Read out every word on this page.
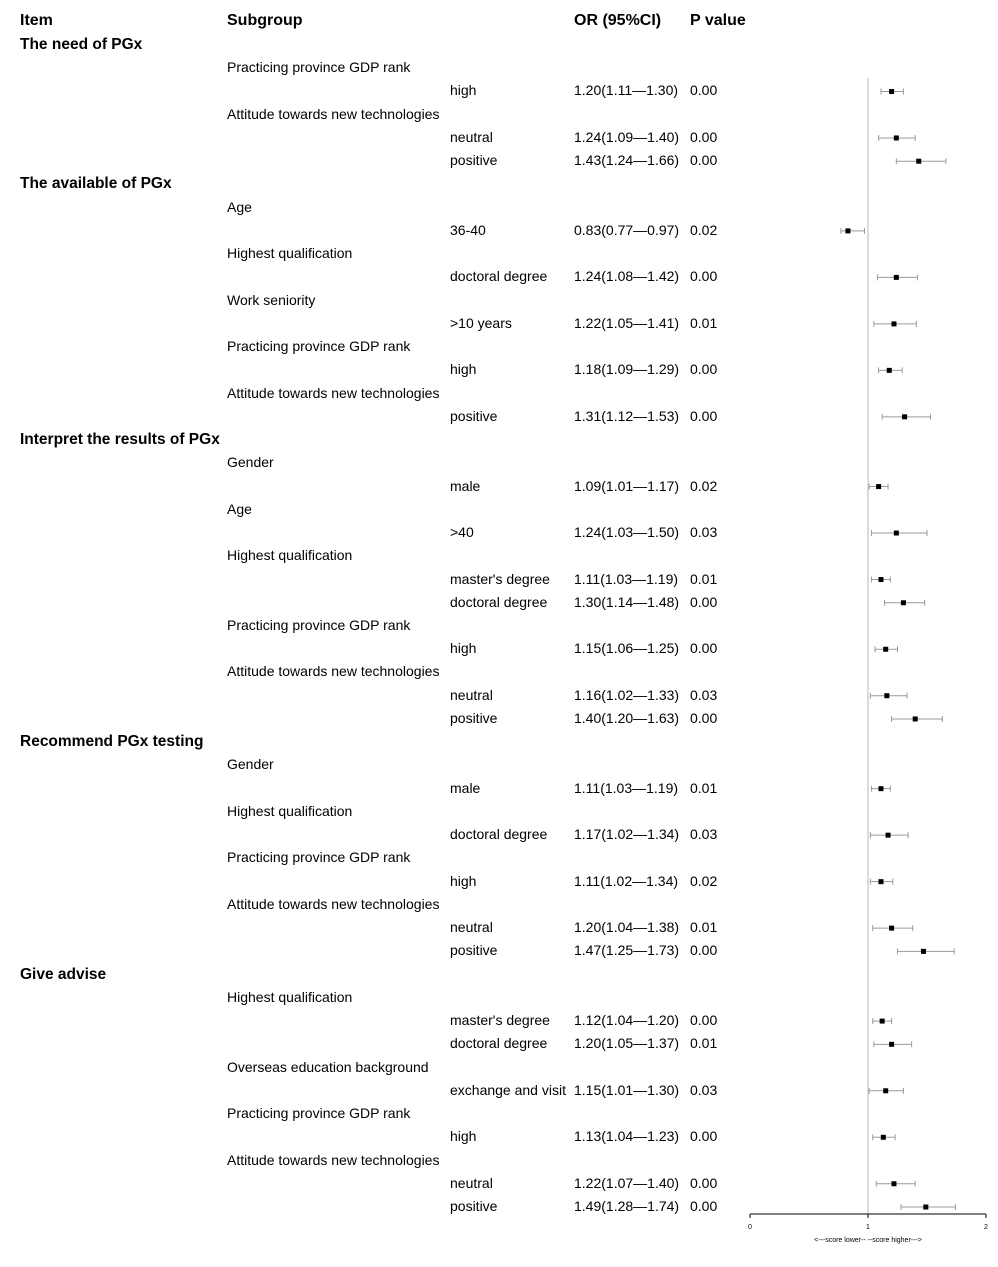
Item	Subgroup	OR (95%CI) P value
The need of PGx
Practicing province GDP rank
high	1.20(1.11—1.30) 0.00
Attitude towards new technologies
neutral	1.24(1.09—1.40) 0.00
positive	1.43(1.24—1.66) 0.00
The available of PGx
Age
36-40	0.83(0.77—0.97) 0.02
Highest qualification
doctoral degree 1.24(1.08—1.42) 0.00
Work seniority
>10 years	1.22(1.05—1.41) 0.01
Practicing province GDP rank
high	1.18(1.09—1.29) 0.00
Attitude towards new technologies
positive	1.31(1.12—1.53) 0.00
Interpret the results of PGx
Gender
male	1.09(1.01—1.17) 0.02
Age
>40	1.24(1.03—1.50) 0.03
Highest qualification
master's degree 1.11(1.03—1.19) 0.01
doctoral degree 1.30(1.14—1.48) 0.00
Practicing province GDP rank
high	1.15(1.06—1.25) 0.00
Attitude towards new technologies
neutral	1.16(1.02—1.33) 0.03
positive	1.40(1.20—1.63) 0.00
Recommend PGx testing
Gender
male	1.11(1.03—1.19) 0.01
Highest qualification
doctoral degree 1.17(1.02—1.34) 0.03
Practicing province GDP rank
high	1.11(1.02—1.34) 0.02
Attitude towards new technologies
neutral	1.20(1.04—1.38) 0.01
positive	1.47(1.25—1.73) 0.00
Give advise
Highest qualification
master's degree 1.12(1.04—1.20) 0.00
doctoral degree 1.20(1.05—1.37) 0.01
Overseas education background
exchange and visit 1.15(1.01—1.30) 0.03
Practicing province GDP rank
high	1.13(1.04—1.23) 0.00
Attitude towards new technologies
neutral	1.22(1.07—1.40) 0.00
positive	1.49(1.28—1.74) 0.00
0	1	2
<---score lower-- --score higher--->
